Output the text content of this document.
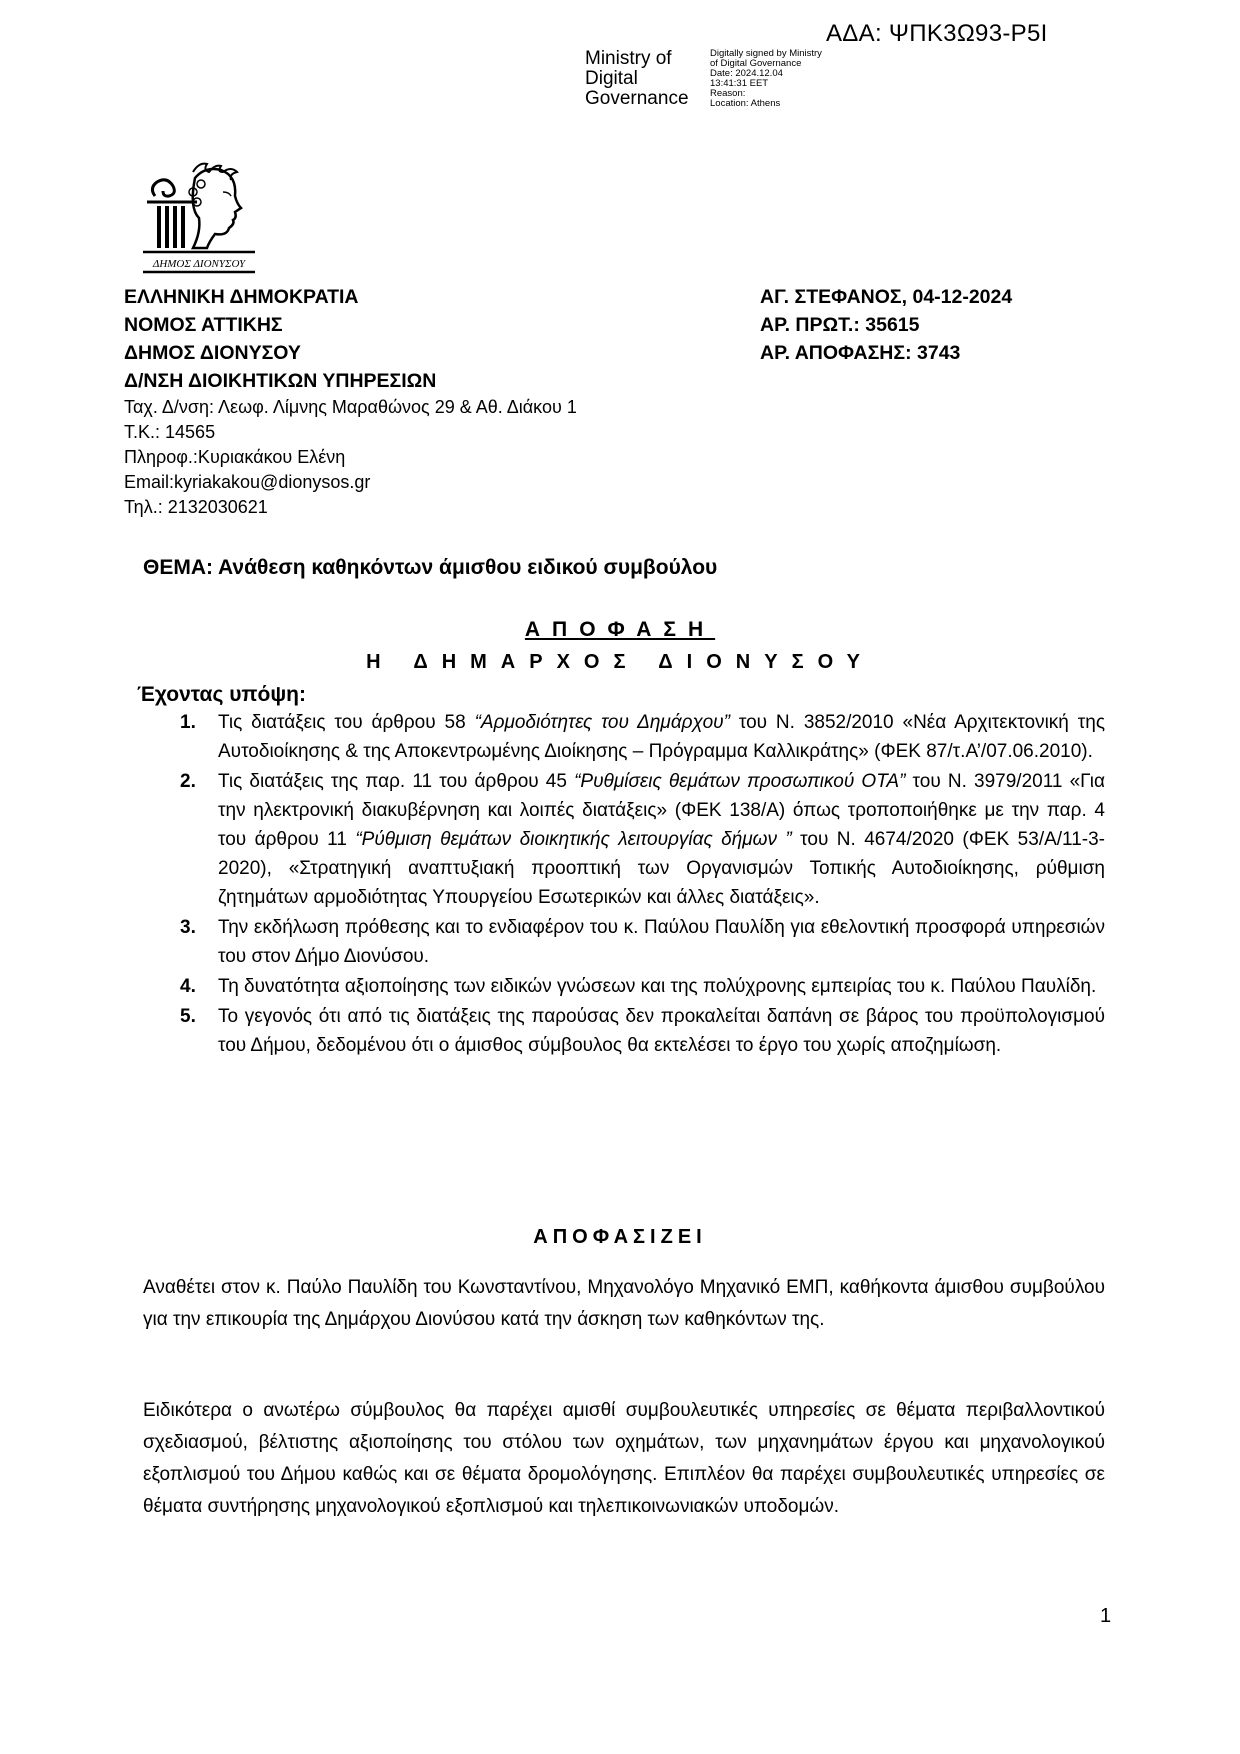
ΑΔΑ: ΨΠΚ3Ω93-Ρ5Ι
Ministry of
Digital
Governance
Digitally signed by Ministry
of Digital Governance
Date: 2024.12.04
13:41:31 EET
Reason:
Location: Athens
ΔΗΜΟΣ ΔΙΟΝΥΣΟΥ
ΕΛΛΗΝΙΚΗ ΔΗΜΟΚΡΑΤΙΑ
ΝΟΜΟΣ ΑΤΤΙΚΗΣ
ΔΗΜΟΣ ΔΙΟΝΥΣΟΥ
Δ/ΝΣΗ ΔΙΟΙΚΗΤΙΚΩΝ ΥΠΗΡΕΣΙΩΝ
Ταχ. Δ/νση: Λεωφ. Λίμνης Μαραθώνος 29 & Αθ. Διάκου 1
Τ.Κ.: 14565
Πληροφ.:Κυριακάκου Ελένη
Email:kyriakakou@dionysos.gr
Τηλ.: 2132030621
ΑΓ. ΣΤΕΦΑΝΟΣ, 04-12-2024
ΑΡ. ΠΡΩΤ.: 35615
ΑΡ. ΑΠΟΦΑΣΗΣ: 3743
ΘΕΜΑ: Ανάθεση καθηκόντων άμισθου ειδικού συμβούλου
ΑΠΟΦΑΣΗ
Η ΔΗΜΑΡΧΟΣ ΔΙΟΝΥΣΟΥ
Έχοντας υπόψη:
1. Τις διατάξεις του άρθρου 58 “Αρμοδιότητες του Δημάρχου” του Ν. 3852/2010 «Νέα Αρχιτεκτονική της Αυτοδιοίκησης & της Αποκεντρωμένης Διοίκησης – Πρόγραμμα Καλλικράτης» (ΦΕΚ 87/τ.Α’/07.06.2010).
2. Τις διατάξεις της παρ. 11 του άρθρου 45 “Ρυθμίσεις θεμάτων προσωπικού ΟΤΑ” του Ν. 3979/2011 «Για την ηλεκτρονική διακυβέρνηση και λοιπές διατάξεις» (ΦΕΚ 138/Α) όπως τροποποιήθηκε με την παρ. 4 του άρθρου 11 “Ρύθμιση θεμάτων διοικητικής λειτουργίας δήμων ” του Ν. 4674/2020 (ΦΕΚ 53/Α/11-3-2020), «Στρατηγική αναπτυξιακή προοπτική των Οργανισμών Τοπικής Αυτοδιοίκησης, ρύθμιση ζητημάτων αρμοδιότητας Υπουργείου Εσωτερικών και άλλες διατάξεις».
3. Την εκδήλωση πρόθεσης και το ενδιαφέρον του κ. Παύλου Παυλίδη για εθελοντική προσφορά υπηρεσιών του στον Δήμο Διονύσου.
4. Τη δυνατότητα αξιοποίησης των ειδικών γνώσεων και της πολύχρονης εμπειρίας του κ. Παύλου Παυλίδη.
5. Το γεγονός ότι από τις διατάξεις της παρούσας δεν προκαλείται δαπάνη σε βάρος του προϋπολογισμού του Δήμου, δεδομένου ότι ο άμισθος σύμβουλος θα εκτελέσει το έργο του χωρίς αποζημίωση.
ΑΠΟΦΑΣΙΖΕΙ
Αναθέτει στον κ. Παύλο Παυλίδη του Κωνσταντίνου, Μηχανολόγο Μηχανικό ΕΜΠ, καθήκοντα άμισθου συμβούλου για την επικουρία της Δημάρχου Διονύσου κατά την άσκηση των καθηκόντων της.
Ειδικότερα ο ανωτέρω σύμβουλος θα παρέχει αμισθί συμβουλευτικές υπηρεσίες σε θέματα περιβαλλοντικού σχεδιασμού, βέλτιστης αξιοποίησης του στόλου των οχημάτων, των μηχανημάτων έργου και μηχανολογικού εξοπλισμού του Δήμου καθώς και σε θέματα δρομολόγησης. Επιπλέον θα παρέχει συμβουλευτικές υπηρεσίες σε θέματα συντήρησης μηχανολογικού εξοπλισμού και τηλεπικοινωνιακών υποδομών.
1
